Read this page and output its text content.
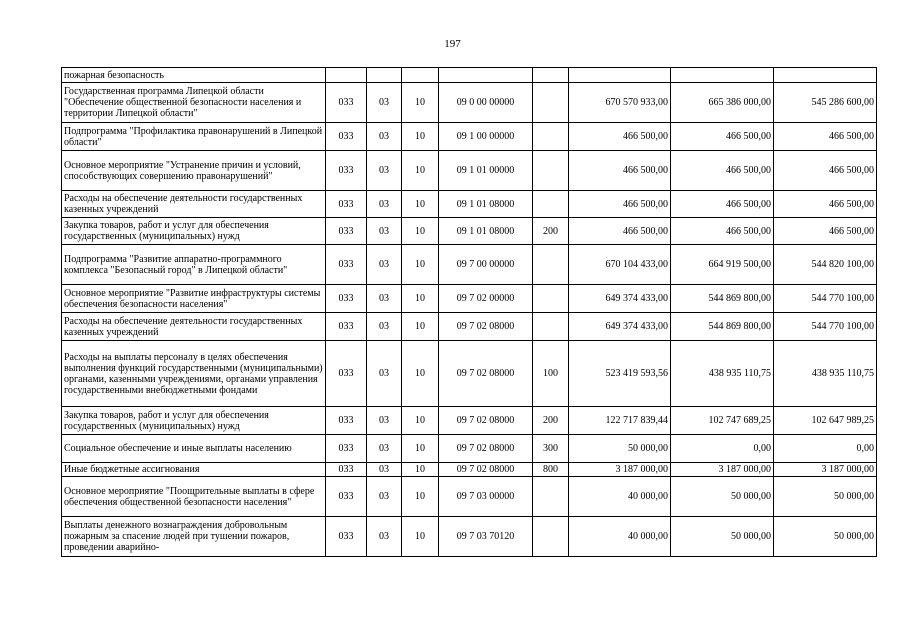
197
пожарная безопасность								
Государственная программа Липецкой области "Обеспечение общественной безопасности населения и территории Липецкой области"	033	03	10	09 0 00 00000		670 570 933,00	665 386 000,00	545 286 600,00
Подпрограмма "Профилактика правонарушений в Липецкой области"	033	03	10	09 1 00 00000		466 500,00	466 500,00	466 500,00
Основное мероприятие "Устранение причин и условий, способствующих совершению правонарушений"	033	03	10	09 1 01 00000		466 500,00	466 500,00	466 500,00
Расходы на обеспечение деятельности государственных казенных учреждений	033	03	10	09 1 01 08000		466 500,00	466 500,00	466 500,00
Закупка товаров, работ и услуг для обеспечения государственных (муниципальных) нужд	033	03	10	09 1 01 08000	200	466 500,00	466 500,00	466 500,00
Подпрограмма "Развитие аппаратно-программного комплекса "Безопасный город" в Липецкой области"	033	03	10	09 7 00 00000		670 104 433,00	664 919 500,00	544 820 100,00
Основное мероприятие "Развитие инфраструктуры системы обеспечения безопасности населения"	033	03	10	09 7 02 00000		649 374 433,00	544 869 800,00	544 770 100,00
Расходы на обеспечение деятельности государственных казенных учреждений	033	03	10	09 7 02 08000		649 374 433,00	544 869 800,00	544 770 100,00
Расходы на выплаты персоналу в целях обеспечения выполнения функций государственными (муниципальными) органами, казенными учреждениями, органами управления государственными внебюджетными фондами	033	03	10	09 7 02 08000	100	523 419 593,56	438 935 110,75	438 935 110,75
Закупка товаров, работ и услуг для обеспечения государственных (муниципальных) нужд	033	03	10	09 7 02 08000	200	122 717 839,44	102 747 689,25	102 647 989,25
Социальное обеспечение и иные выплаты населению	033	03	10	09 7 02 08000	300	50 000,00	0,00	0,00
Иные бюджетные ассигнования	033	03	10	09 7 02 08000	800	3 187 000,00	3 187 000,00	3 187 000,00
Основное мероприятие "Поощрительные выплаты в сфере обеспечения общественной безопасности населения"	033	03	10	09 7 03 00000		40 000,00	50 000,00	50 000,00
Выплаты денежного вознаграждения добровольным пожарным за спасение людей при тушении пожаров, проведении аварийно-	033	03	10	09 7 03 70120		40 000,00	50 000,00	50 000,00
